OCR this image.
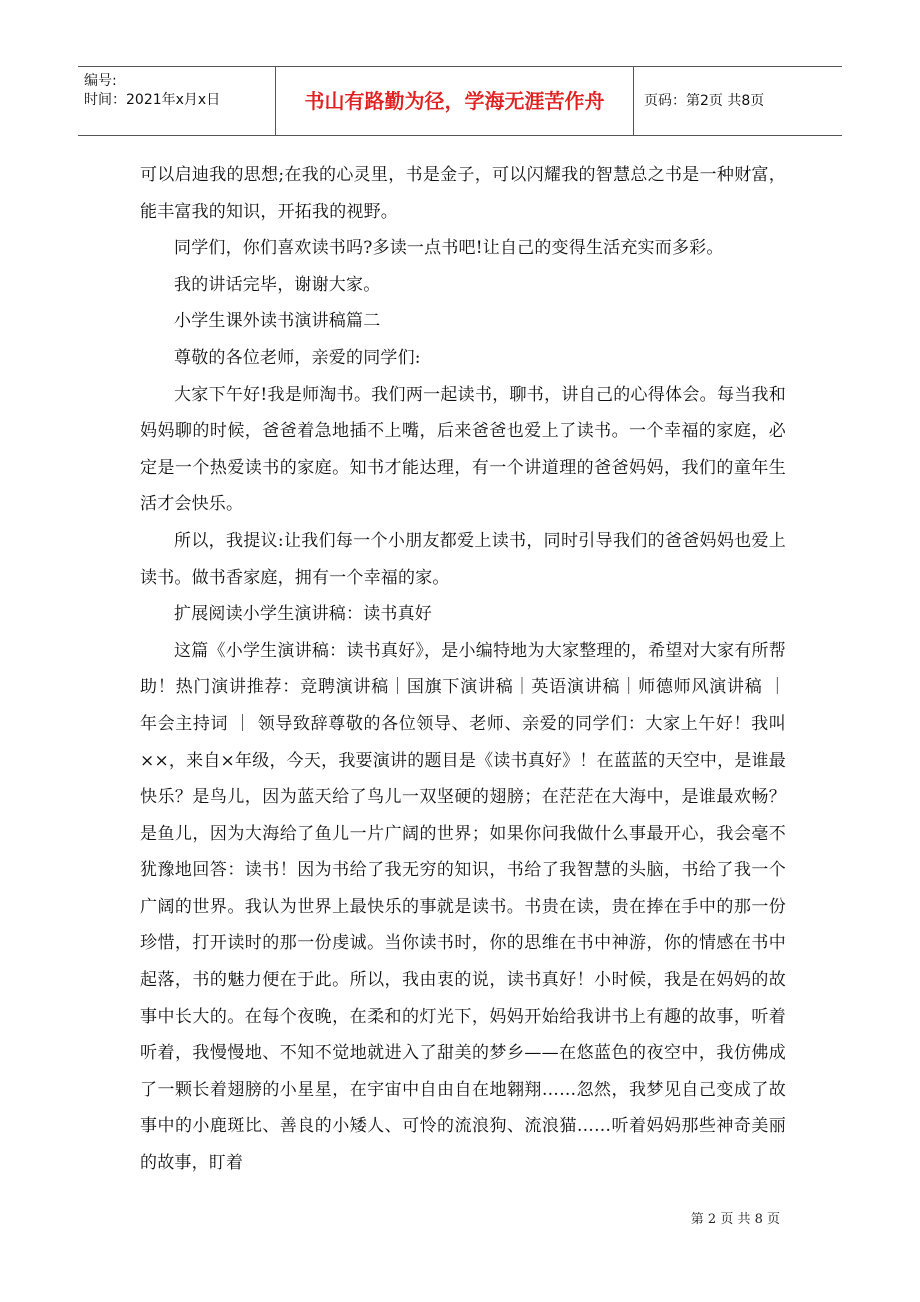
编号:
时间：2021年x月x日	书山有路勤为径，学海无涯苦作舟	页码：第2页 共8页

可以启迪我的思想;在我的心灵里，书是金子，可以闪耀我的智慧总之书是一种财富，能丰富我的知识，开拓我的视野。

同学们，你们喜欢读书吗?多读一点书吧!让自己的变得生活充实而多彩。

我的讲话完毕，谢谢大家。

小学生课外读书演讲稿篇二

尊敬的各位老师，亲爱的同学们:

大家下午好!我是师淘书。我们两一起读书，聊书，讲自己的心得体会。每当我和妈妈聊的时候，爸爸着急地插不上嘴，后来爸爸也爱上了读书。一个幸福的家庭，必定是一个热爱读书的家庭。知书才能达理，有一个讲道理的爸爸妈妈，我们的童年生活才会快乐。

所以，我提议:让我们每一个小朋友都爱上读书，同时引导我们的爸爸妈妈也爱上读书。做书香家庭，拥有一个幸福的家。

扩展阅读小学生演讲稿：读书真好

这篇《小学生演讲稿：读书真好》，是小编特地为大家整理的，希望对大家有所帮助！热门演讲推荐：竞聘演讲稿｜国旗下演讲稿｜英语演讲稿｜师德师风演讲稿 ｜ 年会主持词 ｜ 领导致辞尊敬的各位领导、老师、亲爱的同学们：大家上午好！我叫××，来自×年级，今天，我要演讲的题目是《读书真好》！在蓝蓝的天空中，是谁最快乐？是鸟儿，因为蓝天给了鸟儿一双坚硬的翅膀；在茫茫在大海中，是谁最欢畅？是鱼儿，因为大海给了鱼儿一片广阔的世界；如果你问我做什么事最开心，我会毫不犹豫地回答：读书！因为书给了我无穷的知识，书给了我智慧的头脑，书给了我一个广阔的世界。我认为世界上最快乐的事就是读书。书贵在读，贵在捧在手中的那一份珍惜，打开读时的那一份虔诚。当你读书时，你的思维在书中神游，你的情感在书中起落，书的魅力便在于此。所以，我由衷的说，读书真好！小时候，我是在妈妈的故事中长大的。在每个夜晚，在柔和的灯光下，妈妈开始给我讲书上有趣的故事，听着听着，我慢慢地、不知不觉地就进入了甜美的梦乡——在悠蓝色的夜空中，我仿佛成了一颗长着翅膀的小星星，在宇宙中自由自在地翱翔……忽然，我梦见自己变成了故事中的小鹿斑比、善良的小矮人、可怜的流浪狗、流浪猫……听着妈妈那些神奇美丽的故事，盯着

第 2 页 共 8 页
